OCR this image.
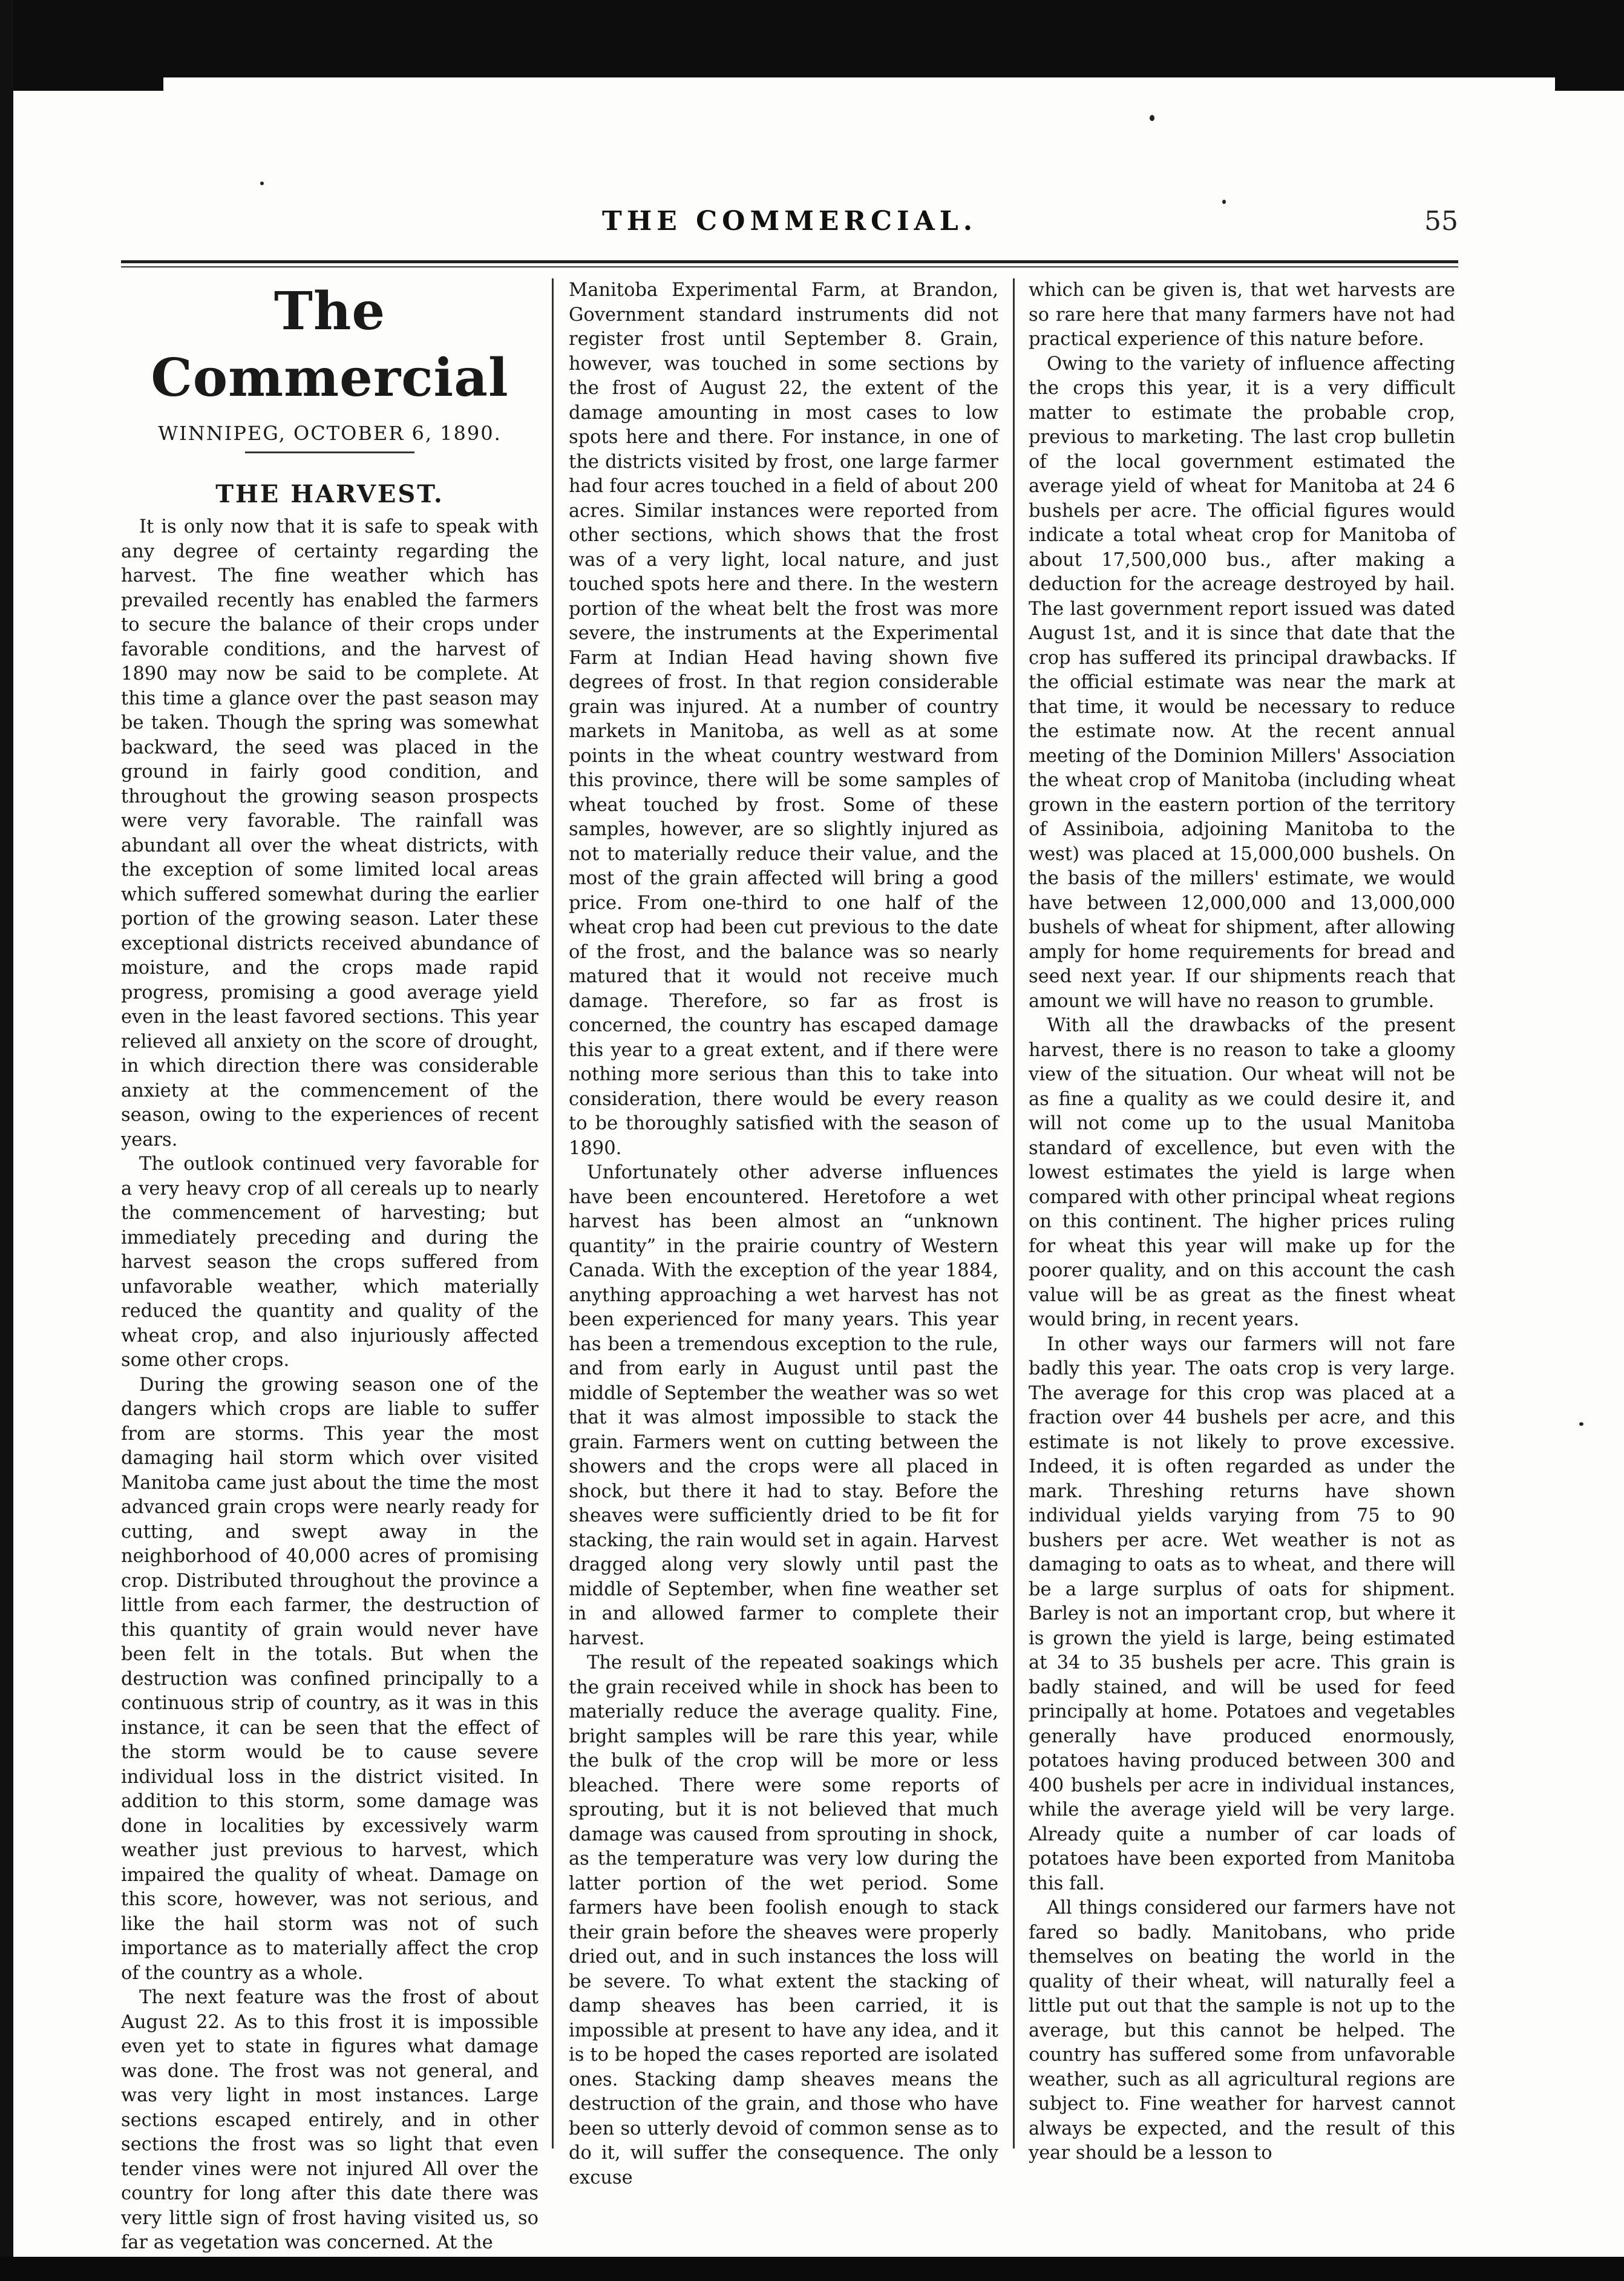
THE COMMERCIAL.	55
The Commercial
WINNIPEG, OCTOBER 6, 1890.
THE HARVEST.

It is only now that it is safe to speak with any degree of certainty regarding the harvest. The fine weather which has prevailed recently has enabled the farmers to secure the balance of their crops under favorable conditions, and the harvest of 1890 may now be said to be complete. At this time a glance over the past season may be taken. Though the spring was somewhat backward, the seed was placed in the ground in fairly good condition, and throughout the growing season prospects were very favorable. The rainfall was abundant all over the wheat districts, with the exception of some limited local areas which suffered somewhat during the earlier portion of the growing season. Later these exceptional districts received abundance of moisture, and the crops made rapid progress, promising a good average yield even in the least favored sections. This year relieved all anxiety on the score of drought, in which direction there was considerable anxiety at the commencement of the season, owing to the experiences of recent years.

The outlook continued very favorable for a very heavy crop of all cereals up to nearly the commencement of harvesting; but immediately preceding and during the harvest season the crops suffered from unfavorable weather, which materially reduced the quantity and quality of the wheat crop, and also injuriously affected some other crops.

During the growing season one of the dangers which crops are liable to suffer from are storms. This year the most damaging hail storm which over visited Manitoba came just about the time the most advanced grain crops were nearly ready for cutting, and swept away in the neighborhood of 40,000 acres of promising crop. Distributed throughout the province a little from each farmer, the destruction of this quantity of grain would never have been felt in the totals. But when the destruction was confined principally to a continuous strip of country, as it was in this instance, it can be seen that the effect of the storm would be to cause severe individual loss in the district visited. In addition to this storm, some damage was done in localities by excessively warm weather just previous to harvest, which impaired the quality of wheat. Damage on this score, however, was not serious, and like the hail storm was not of such importance as to materially affect the crop of the country as a whole.

The next feature was the frost of about August 22. As to this frost it is impossible even yet to state in figures what damage was done. The frost was not general, and was very light in most instances. Large sections escaped entirely, and in other sections the frost was so light that even tender vines were not injured All over the country for long after this date there was very little sign of frost having visited us, so far as vegetation was concerned. At the

Manitoba Experimental Farm, at Brandon, Government standard instruments did not register frost until September 8. Grain, however, was touched in some sections by the frost of August 22, the extent of the damage amounting in most cases to low spots here and there. For instance, in one of the districts visited by frost, one large farmer had four acres touched in a field of about 200 acres. Similar instances were reported from other sections, which shows that the frost was of a very light, local nature, and just touched spots here and there. In the western portion of the wheat belt the frost was more severe, the instruments at the Experimental Farm at Indian Head having shown five degrees of frost. In that region considerable grain was injured. At a number of country markets in Manitoba, as well as at some points in the wheat country westward from this province, there will be some samples of wheat touched by frost. Some of these samples, however, are so slightly injured as not to materially reduce their value, and the most of the grain affected will bring a good price. From one-third to one half of the wheat crop had been cut previous to the date of the frost, and the balance was so nearly matured that it would not receive much damage. Therefore, so far as frost is concerned, the country has escaped damage this year to a great extent, and if there were nothing more serious than this to take into consideration, there would be every reason to be thoroughly satisfied with the season of 1890.

Unfortunately other adverse influences have been encountered. Heretofore a wet harvest has been almost an “unknown quantity” in the prairie country of Western Canada. With the exception of the year 1884, anything approaching a wet harvest has not been experienced for many years. This year has been a tremendous exception to the rule, and from early in August until past the middle of September the weather was so wet that it was almost impossible to stack the grain. Farmers went on cutting between the showers and the crops were all placed in shock, but there it had to stay. Before the sheaves were sufficiently dried to be fit for stacking, the rain would set in again. Harvest dragged along very slowly until past the middle of September, when fine weather set in and allowed farmer to complete their harvest.

The result of the repeated soakings which the grain received while in shock has been to materially reduce the average quality. Fine, bright samples will be rare this year, while the bulk of the crop will be more or less bleached. There were some reports of sprouting, but it is not believed that much damage was caused from sprouting in shock, as the temperature was very low during the latter portion of the wet period. Some farmers have been foolish enough to stack their grain before the sheaves were properly dried out, and in such instances the loss will be severe. To what extent the stacking of damp sheaves has been carried, it is impossible at present to have any idea, and it is to be hoped the cases reported are isolated ones. Stacking damp sheaves means the destruction of the grain, and those who have been so utterly devoid of common sense as to do it, will suffer the consequence. The only excuse

which can be given is, that wet harvests are so rare here that many farmers have not had practical experience of this nature before.

Owing to the variety of influence affecting the crops this year, it is a very difficult matter to estimate the probable crop, previous to marketing. The last crop bulletin of the local government estimated the average yield of wheat for Manitoba at 24 6 bushels per acre. The official figures would indicate a total wheat crop for Manitoba of about 17,500,000 bus., after making a deduction for the acreage destroyed by hail. The last government report issued was dated August 1st, and it is since that date that the crop has suffered its principal drawbacks. If the official estimate was near the mark at that time, it would be necessary to reduce the estimate now. At the recent annual meeting of the Dominion Millers' Association the wheat crop of Manitoba (including wheat grown in the eastern portion of the territory of Assiniboia, adjoining Manitoba to the west) was placed at 15,000,000 bushels. On the basis of the millers' estimate, we would have between 12,000,000 and 13,000,000 bushels of wheat for shipment, after allowing amply for home requirements for bread and seed next year. If our shipments reach that amount we will have no reason to grumble.

With all the drawbacks of the present harvest, there is no reason to take a gloomy view of the situation. Our wheat will not be as fine a quality as we could desire it, and will not come up to the usual Manitoba standard of excellence, but even with the lowest estimates the yield is large when compared with other principal wheat regions on this continent. The higher prices ruling for wheat this year will make up for the poorer quality, and on this account the cash value will be as great as the finest wheat would bring, in recent years.

In other ways our farmers will not fare badly this year. The oats crop is very large. The average for this crop was placed at a fraction over 44 bushels per acre, and this estimate is not likely to prove excessive. Indeed, it is often regarded as under the mark. Threshing returns have shown individual yields varying from 75 to 90 bushers per acre. Wet weather is not as damaging to oats as to wheat, and there will be a large surplus of oats for shipment. Barley is not an important crop, but where it is grown the yield is large, being estimated at 34 to 35 bushels per acre. This grain is badly stained, and will be used for feed principally at home. Potatoes and vegetables generally have produced enormously, potatoes having produced between 300 and 400 bushels per acre in individual instances, while the average yield will be very large. Already quite a number of car loads of potatoes have been exported from Manitoba this fall.

All things considered our farmers have not fared so badly. Manitobans, who pride themselves on beating the world in the quality of their wheat, will naturally feel a little put out that the sample is not up to the average, but this cannot be helped. The country has suffered some from unfavorable weather, such as all agricultural regions are subject to. Fine weather for harvest cannot always be expected, and the result of this year should be a lesson to
